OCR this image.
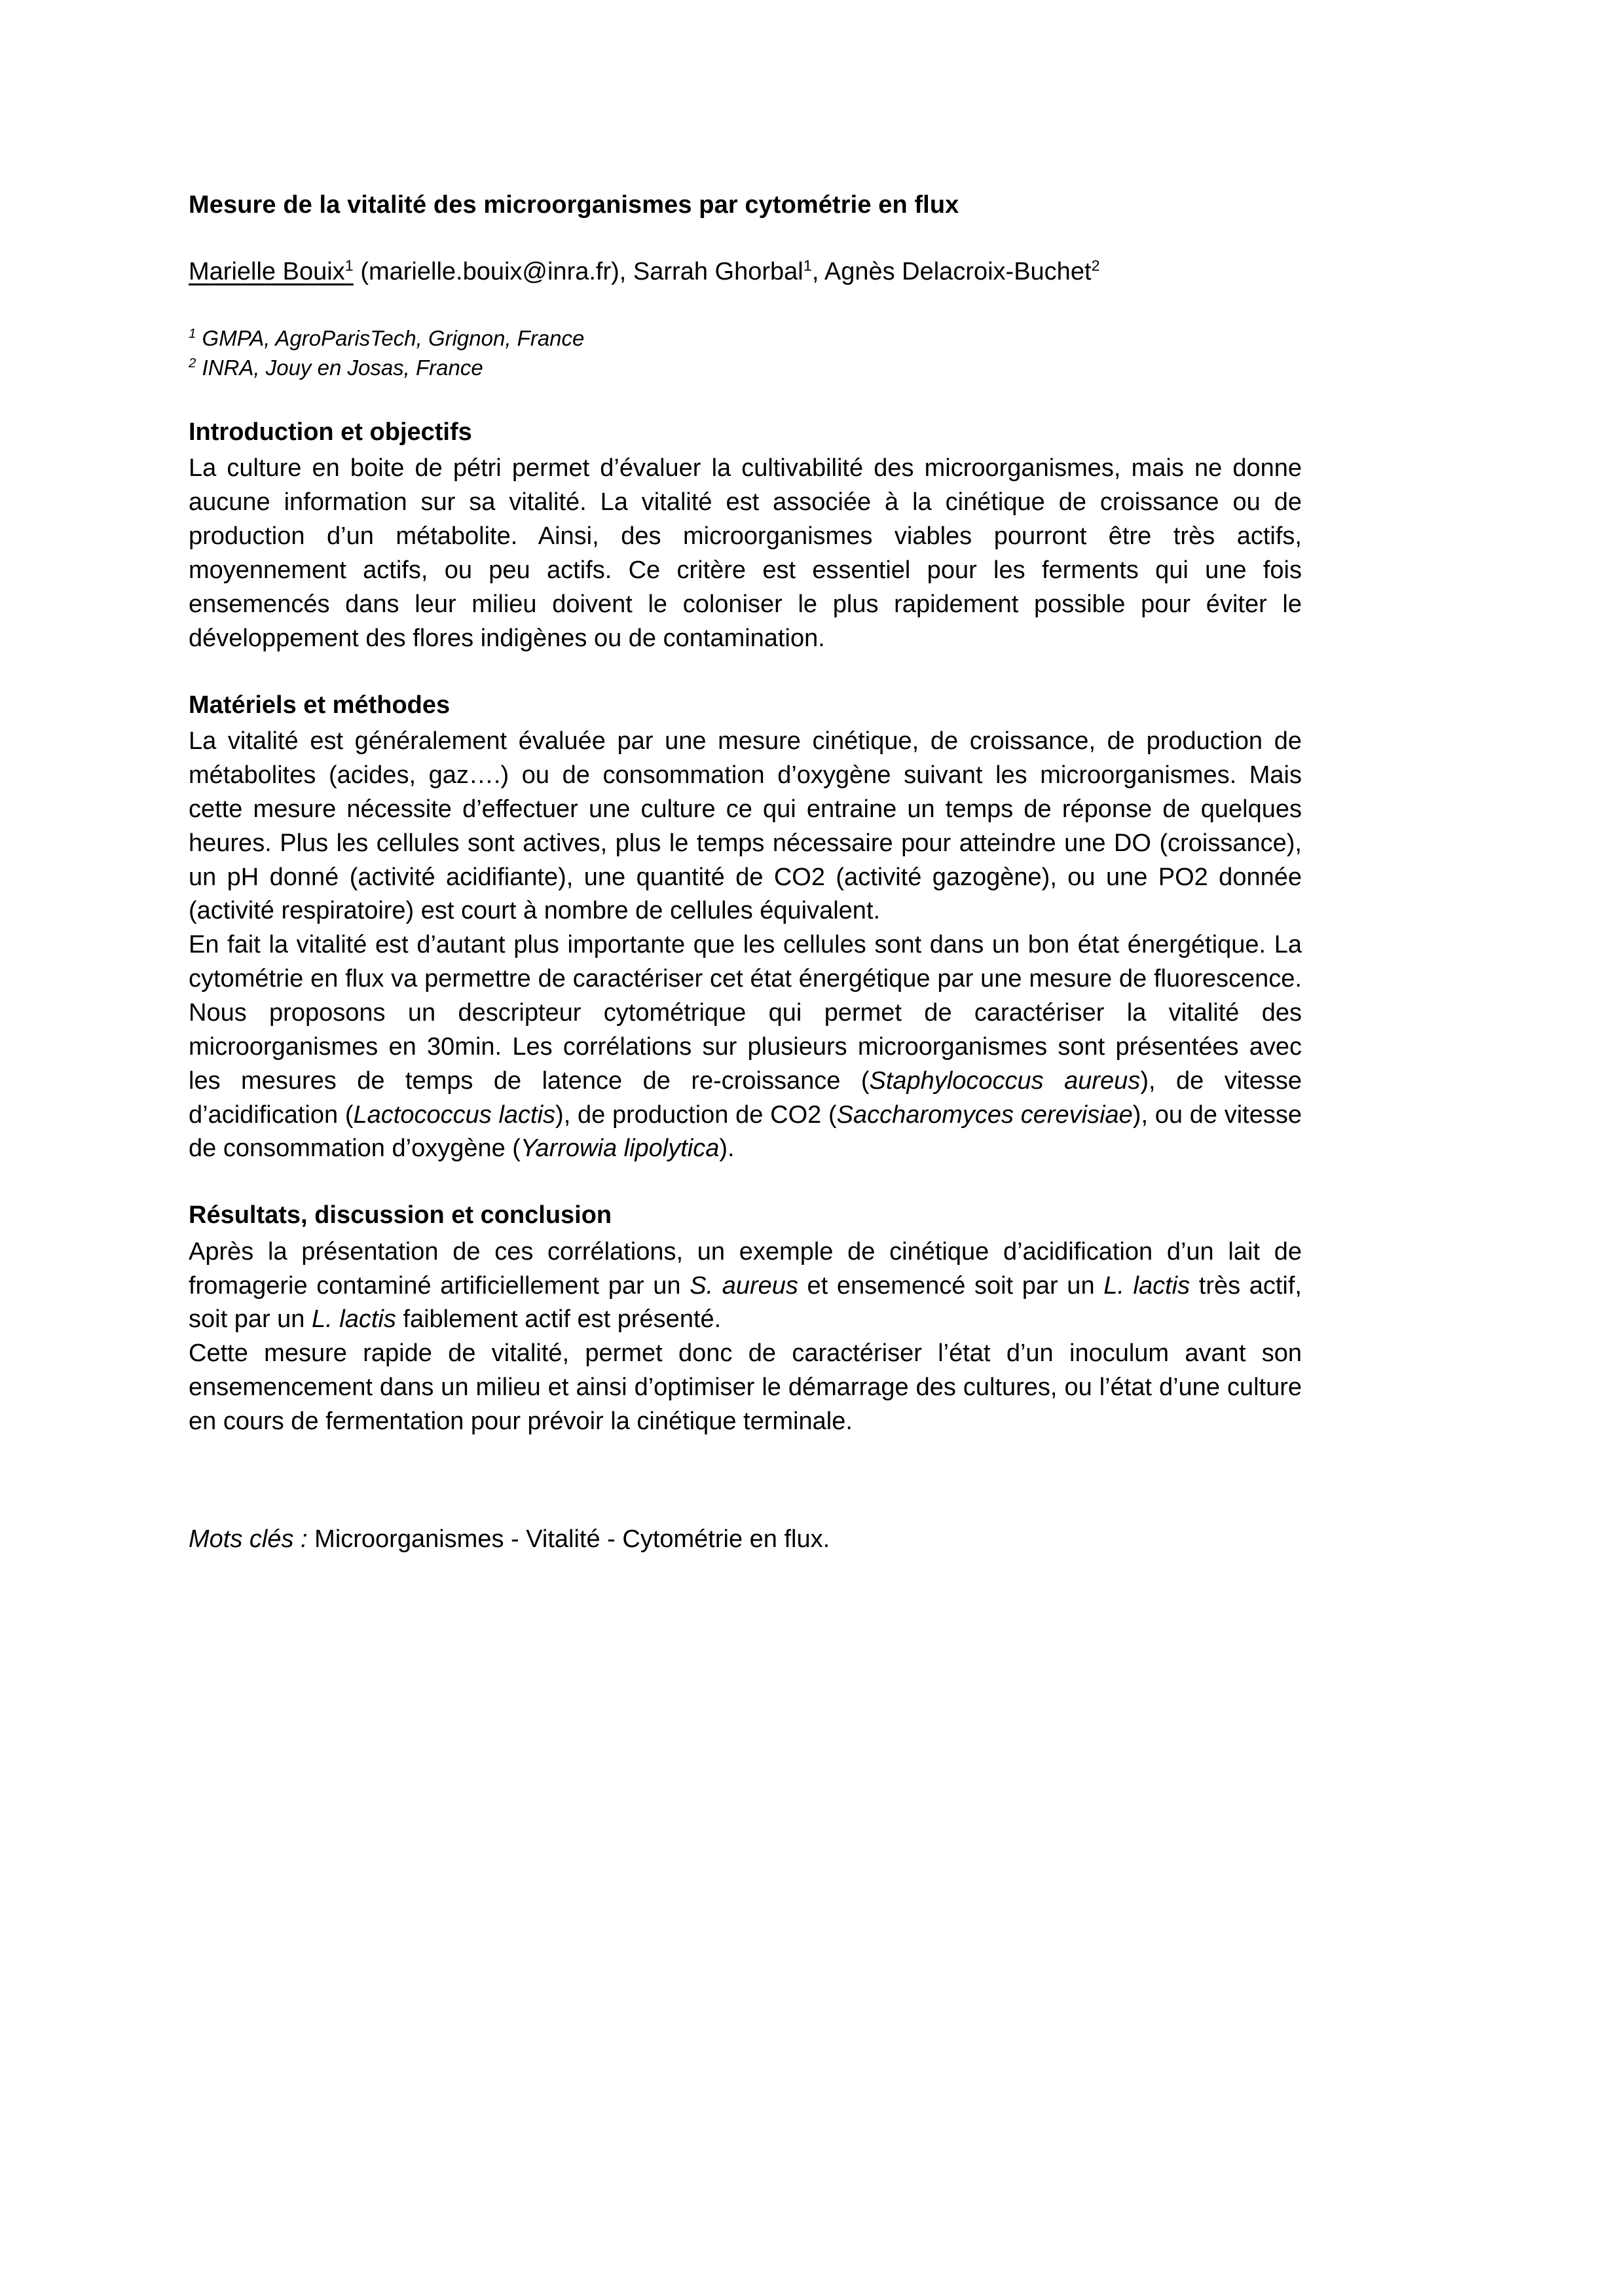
Mesure de la vitalité des microorganismes par cytométrie en flux

Marielle Bouix$^1$ (marielle.bouix@inra.fr), Sarrah Ghorbal$^1$, Agnès Delacroix-Buchet$^2$

$^1$ GMPA, AgroParisTech, Grignon, France
$^2$ INRA, Jouy en Josas, France
Introduction et objectifs

La culture en boite de pétri permet d’évaluer la cultivabilité des microorganismes, mais ne donne aucune information sur sa vitalité. La vitalité est associée à la cinétique de croissance ou de production d’un métabolite. Ainsi, des microorganismes viables pourront être très actifs, moyennement actifs, ou peu actifs. Ce critère est essentiel pour les ferments qui une fois ensemencés dans leur milieu doivent le coloniser le plus rapidement possible pour éviter le développement des flores indigènes ou de contamination.

Matériels et méthodes

La vitalité est généralement évaluée par une mesure cinétique, de croissance, de production de métabolites (acides, gaz….) ou de consommation d’oxygène suivant les microorganismes. Mais cette mesure nécessite d’effectuer une culture ce qui entraine un temps de réponse de quelques heures. Plus les cellules sont actives, plus le temps nécessaire pour atteindre une DO (croissance), un pH donné (activité acidifiante), une quantité de CO2 (activité gazogène), ou une PO2 donnée (activité respiratoire) est court à nombre de cellules équivalent.

En fait la vitalité est d’autant plus importante que les cellules sont dans un bon état énergétique. La cytométrie en flux va permettre de caractériser cet état énergétique par une mesure de fluorescence. Nous proposons un descripteur cytométrique qui permet de caractériser la vitalité des microorganismes en 30min. Les corrélations sur plusieurs microorganismes sont présentées avec les mesures de temps de latence de re-croissance (Staphylococcus aureus), de vitesse d’acidification (Lactococcus lactis), de production de CO2 (Saccharomyces cerevisiae), ou de vitesse de consommation d’oxygène (Yarrowia lipolytica).

Résultats, discussion et conclusion

Après la présentation de ces corrélations, un exemple de cinétique d’acidification d’un lait de fromagerie contaminé artificiellement par un S. aureus et ensemencé soit par un L. lactis très actif, soit par un L. lactis faiblement actif est présenté.

Cette mesure rapide de vitalité, permet donc de caractériser l’état d’un inoculum avant son ensemencement dans un milieu et ainsi d’optimiser le démarrage des cultures, ou l’état d’une culture en cours de fermentation pour prévoir la cinétique terminale.

Mots clés : Microorganismes - Vitalité - Cytométrie en flux.
